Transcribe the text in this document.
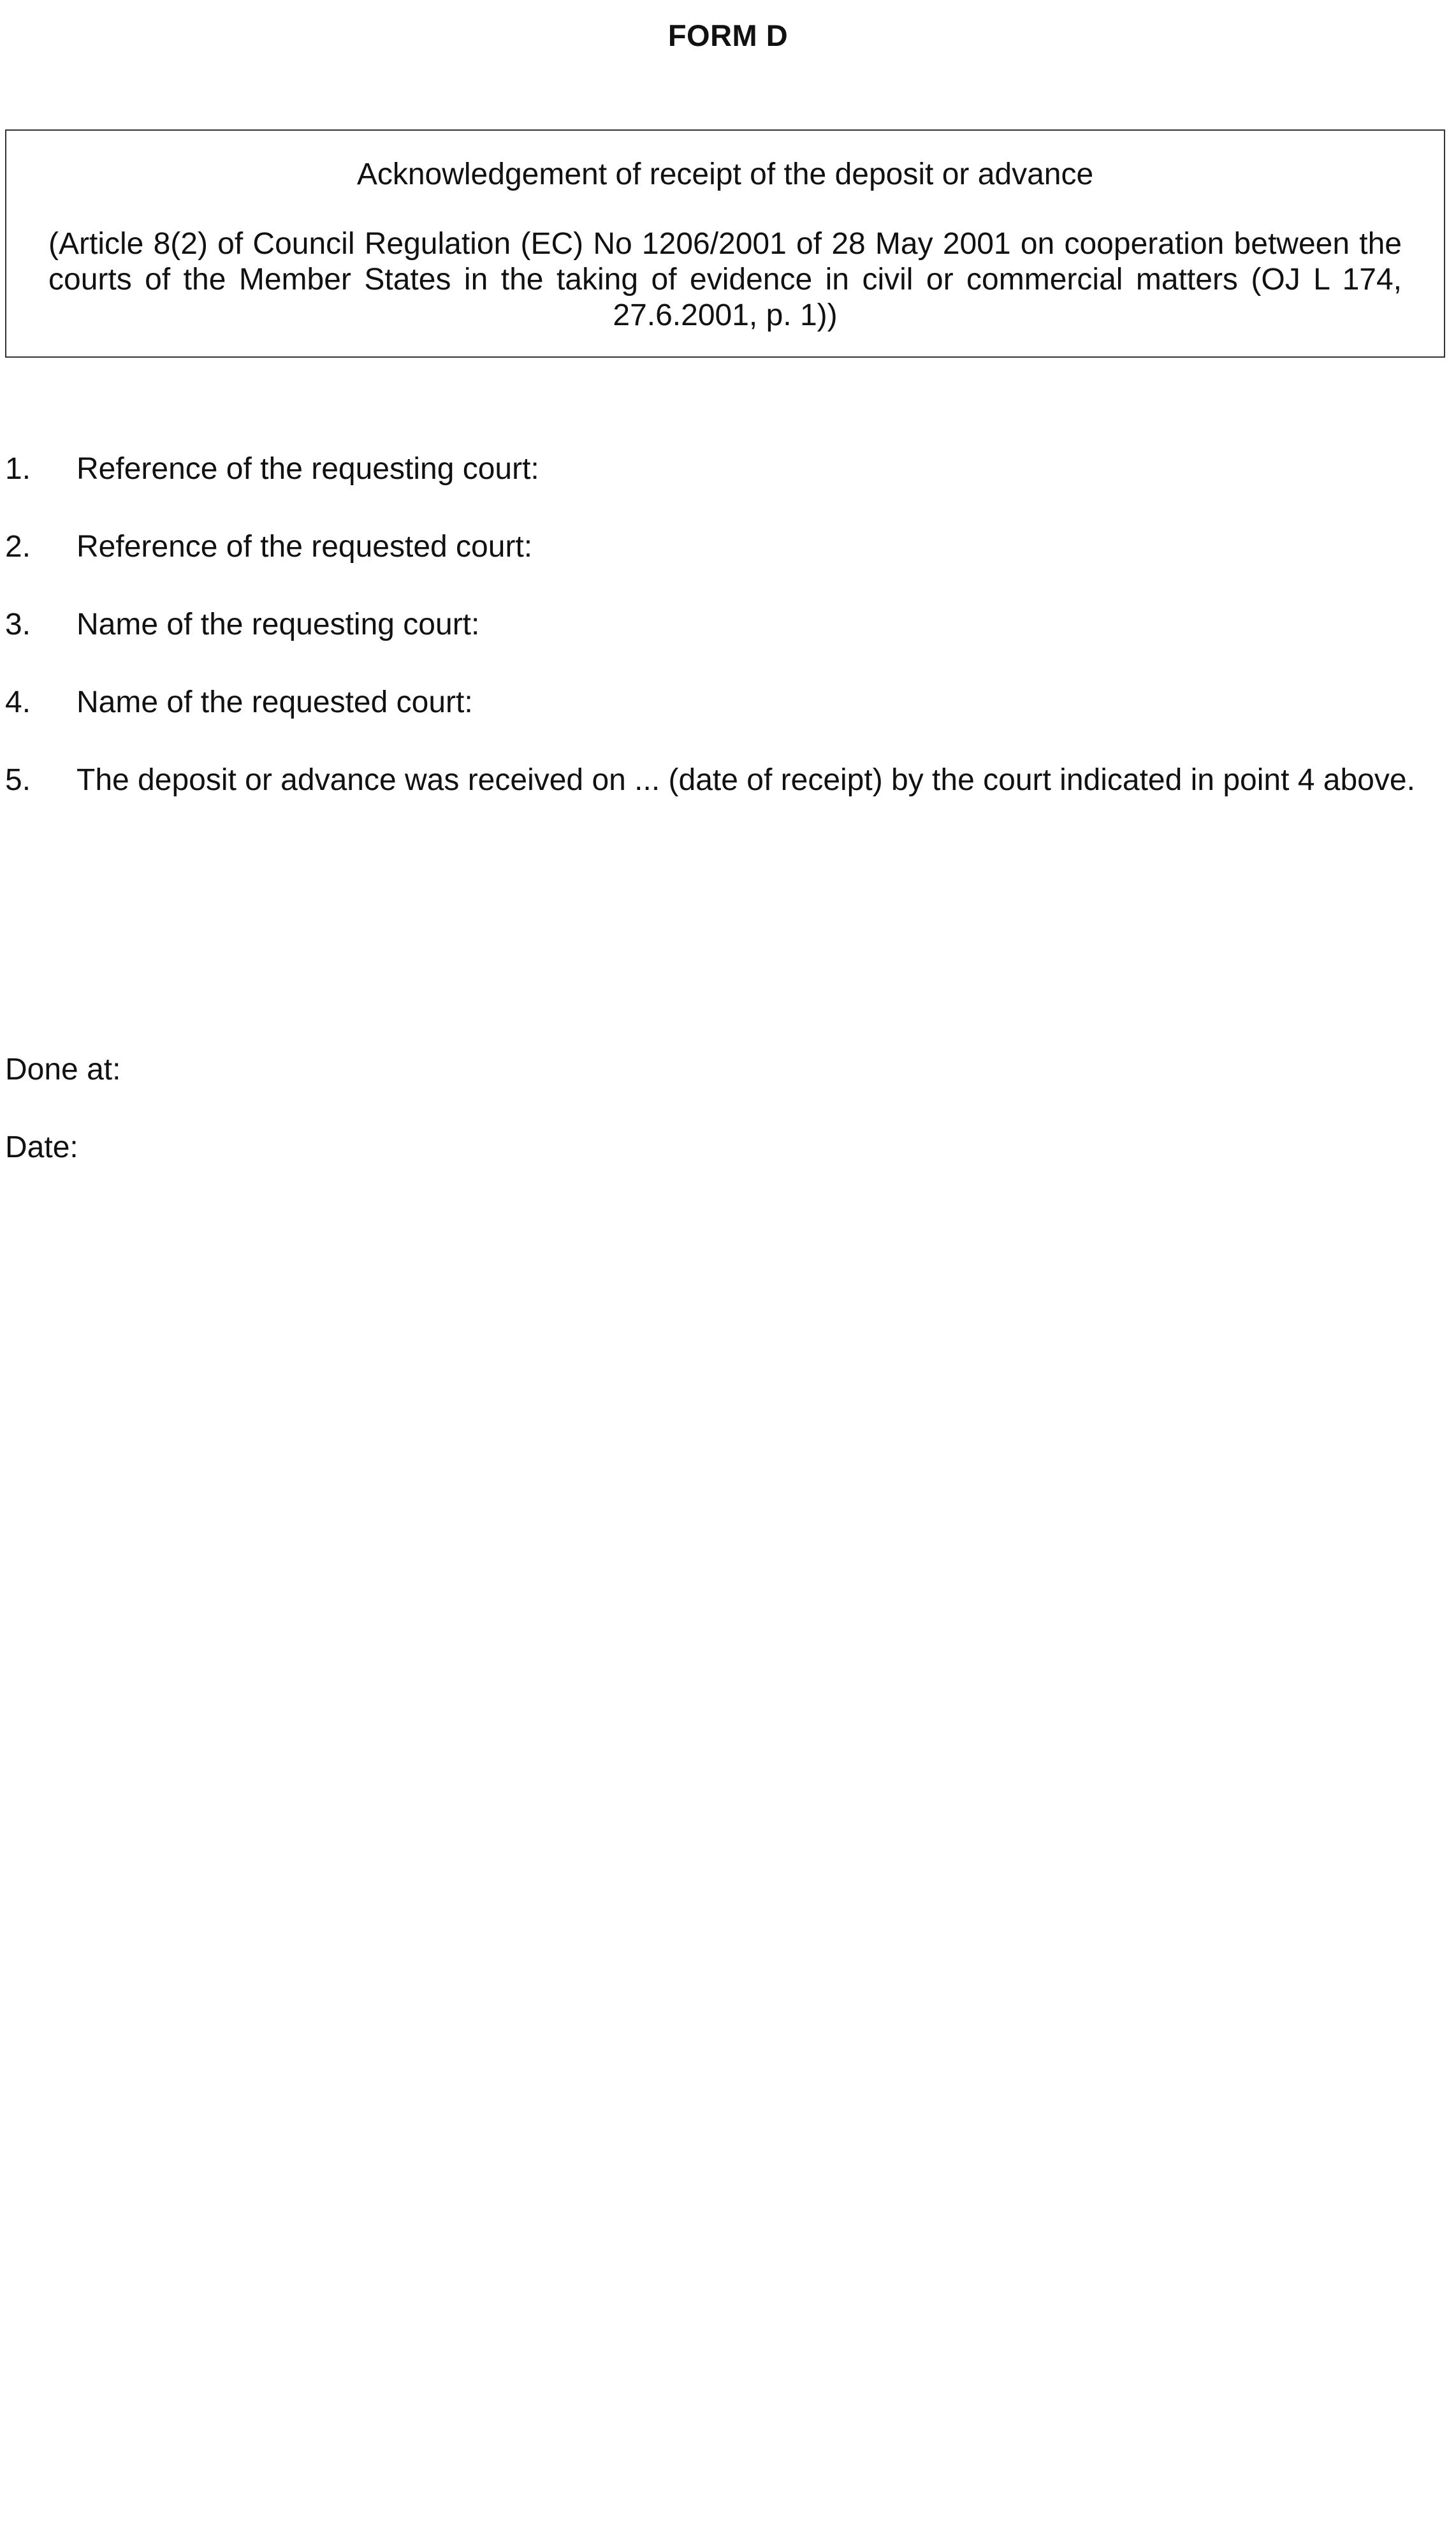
FORM D

Acknowledgement of receipt of the deposit or advance

(Article 8(2) of Council Regulation (EC) No 1206/2001 of 28 May 2001 on cooperation between the courts of the Member States in the taking of evidence in civil or commercial matters (OJ L 174, 27.6.2001, p. 1))

1.	Reference of the requesting court:
2.	Reference of the requested court:
3.	Name of the requesting court:
4.	Name of the requested court:
5.	The deposit or advance was received on ... (date of receipt) by the court indicated in point 4 above.
Done at:
Date:
